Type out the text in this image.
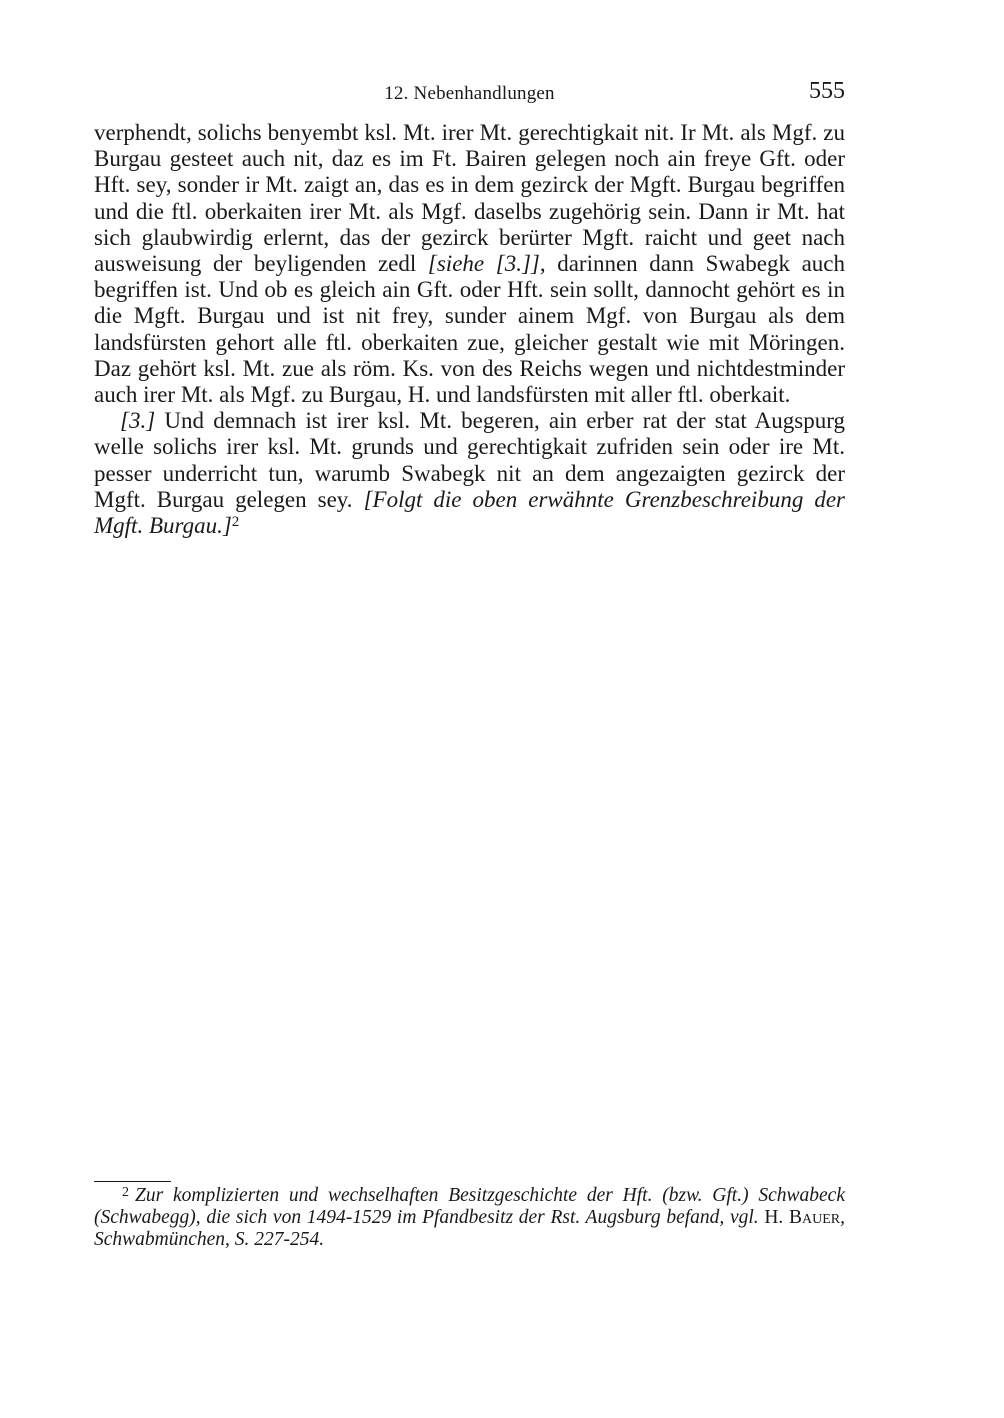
12. Nebenhandlungen	555

verphendt, solichs benyembt ksl. Mt. irer Mt. gerechtigkait nit. Ir Mt. als Mgf. zu Burgau gesteet auch nit, daz es im Ft. Bairen gelegen noch ain freye Gft. oder Hft. sey, sonder ir Mt. zaigt an, das es in dem gezirck der Mgft. Burgau begriffen und die ftl. oberkaiten irer Mt. als Mgf. daselbs zugehörig sein. Dann ir Mt. hat sich glaubwirdig erlernt, das der gezirck berürter Mgft. raicht und geet nach ausweisung der beyligenden zedl [siehe [3.]], darinnen dann Swabegk auch begriffen ist. Und ob es gleich ain Gft. oder Hft. sein sollt, dannocht gehört es in die Mgft. Burgau und ist nit frey, sunder ainem Mgf. von Burgau als dem landsfürsten gehort alle ftl. oberkaiten zue, gleicher gestalt wie mit Möringen. Daz gehört ksl. Mt. zue als röm. Ks. von des Reichs wegen und nichtdestminder auch irer Mt. als Mgf. zu Burgau, H. und landsfürsten mit aller ftl. oberkait.

[3.] Und demnach ist irer ksl. Mt. begeren, ain erber rat der stat Augspurg welle solichs irer ksl. Mt. grunds und gerechtigkait zufriden sein oder ire Mt. pesser underricht tun, warumb Swabegk nit an dem angezaigten gezirck der Mgft. Burgau gelegen sey. [Folgt die oben erwähnte Grenzbeschreibung der Mgft. Burgau.]$^2$

$^2$ Zur komplizierten und wechselhaften Besitzgeschichte der Hft. (bzw. Gft.) Schwabeck (Schwabegg), die sich von 1494-1529 im Pfandbesitz der Rst. Augsburg befand, vgl. H. Bauer, Schwabmünchen, S. 227-254.
